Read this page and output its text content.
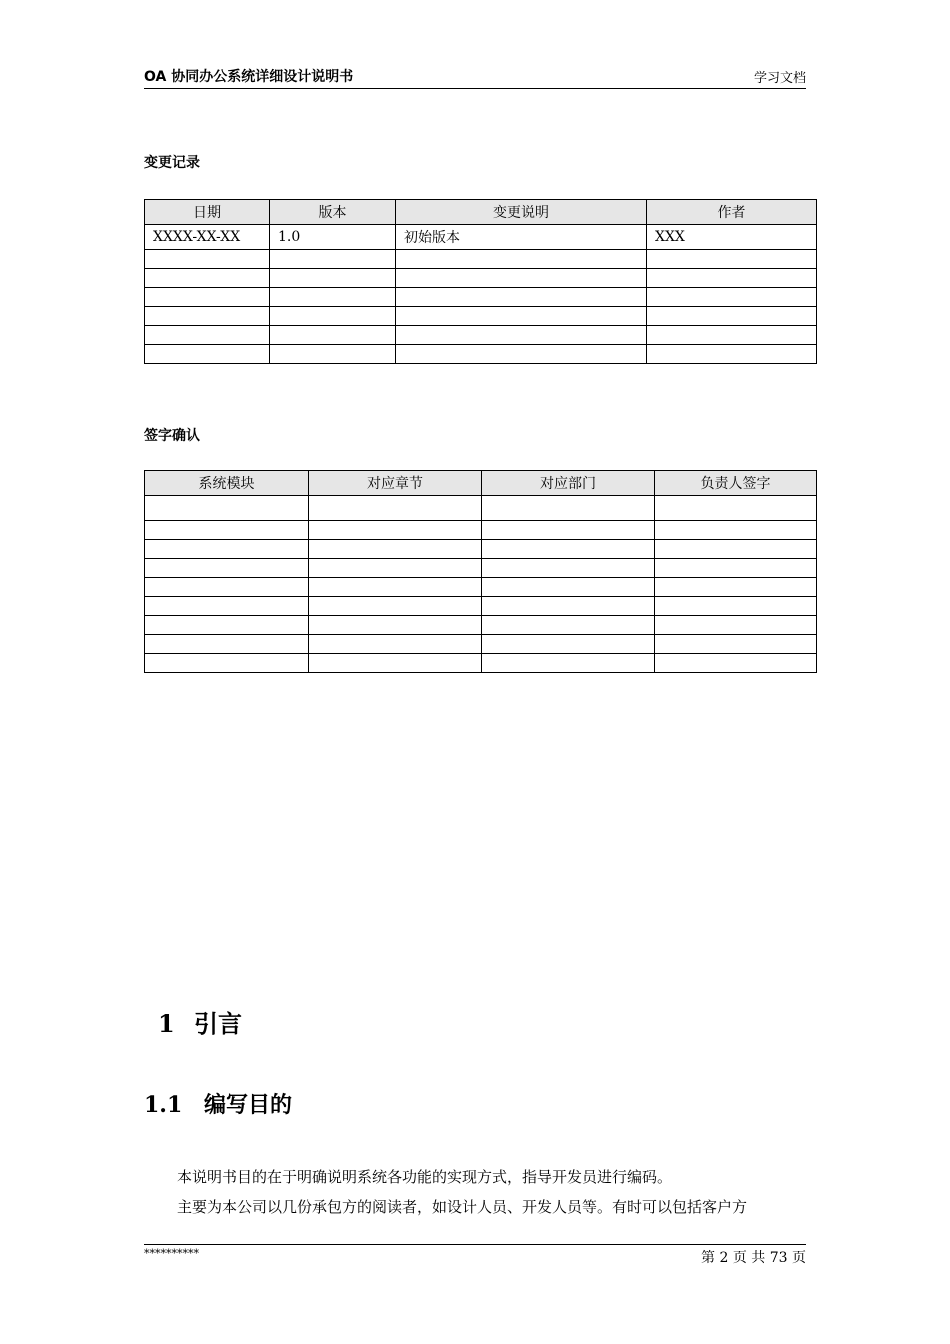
OA 协同办公系统详细设计说明书	学习文档
变更记录
日期	版本	变更说明	作者
XXXX-XX-XX	1.0	初始版本	XXX

签字确认
系统模块	对应章节	对应部门	负责人签字

1 引言
1.1 编写目的
本说明书目的在于明确说明系统各功能的实现方式，指导开发员进行编码。
主要为本公司以几份承包方的阅读者，如设计人员、开发人员等。有时可以包括客户方
**********	第 2 页 共 73 页
